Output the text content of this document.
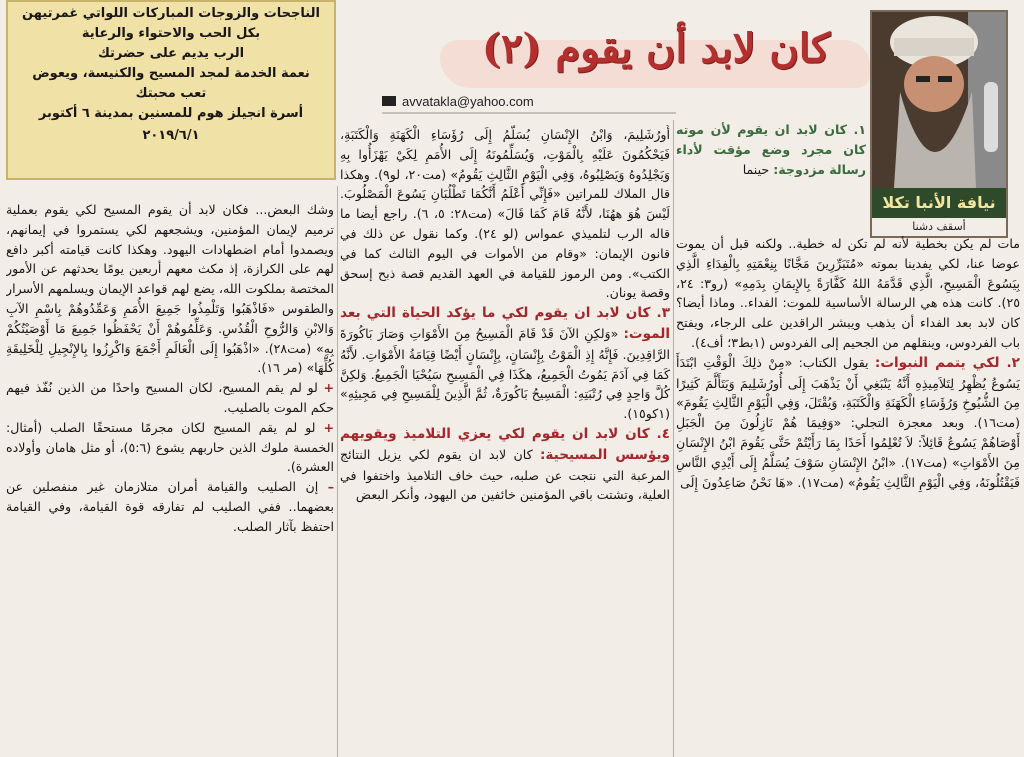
الناجحات والزوجات المباركات اللواتي غمرتيهن
بكل الحب والاحتواء والرعاية
الرب يديم على حضرتك
نعمة الخدمة لمجد المسيح والكنيسة، ويعوض
تعب محبتك
أسرة انجيلز هوم للمسنين بمدينة ٦ أكتوبر
٢٠١٩/٦/١
كان لابد أن يقوم (٢)
avvatakla@yahoo.com
نيافة الأنبا تكلا
أسقف دشنا
١. كان لابد ان يقوم لأن موته كان مجرد وضع مؤقت لأداء رسالة مزدوجة: حينما

مات لم يكن بخطية لأنه لم تكن له خطية.. ولكنه قبل أن يموت عوضا عنا، لكي يفدينا بموته «مُتَبَرِّرِينَ مَجَّانًا بِنِعْمَتِهِ بِالْفِدَاءِ الَّذِي بِيَسُوعَ الْمَسِيحِ، الَّذِي قَدَّمَهُ اللهُ كَفَّارَةً بِالإِيمَانِ بِدَمِهِ» (رو٣: ٢٤، ٢٥). كانت هذه هي الرسالة الأساسية للموت: الفداء.. وماذا أيضا؟ كان لابد بعد الفداء أن يذهب ويبشر الراقدين على الرجاء، ويفتح باب الفردوس، وينقلهم من الجحيم إلى الفردوس (١بط٣؛ أف٤).

٢. لكي يتمم النبوات: يقول الكتاب: «مِنْ ذلِكَ الْوَقْتِ ابْتَدَأَ يَسُوعُ يُظْهِرُ لِتَلاَمِيذِهِ أَنَّهُ يَنْبَغِي أَنْ يَذْهَبَ إِلَى أُورُشَلِيمَ وَيَتَأَلَّمَ كَثِيرًا مِنَ الشُّيُوخِ وَرُؤَسَاءِ الْكَهَنَةِ وَالْكَتَبَةِ، وَيُقْتَلَ، وَفِي الْيَوْمِ الثَّالِثِ يَقُومَ» (مت١٦). وبعد معجزة التجلي: «وَفِيمَا هُمْ نَازِلُونَ مِنَ الْجَبَلِ أَوْصَاهُمْ يَسُوعُ قَائِلاً: لاَ تُعْلِمُوا أَحَدًا بِمَا رَأَيْتُمْ حَتَّى يَقُومَ ابْنُ الإِنْسَانِ مِنَ الأَمْوَاتِ» (مت١٧). «ابْنُ الإِنْسَانِ سَوْفَ يُسَلَّمُ إِلَى أَيْدِي النَّاسِ فَيَقْتُلُونَهُ، وَفِي الْيَوْمِ الثَّالِثِ يَقُومُ» (مت١٧). «هَا نَحْنُ صَاعِدُونَ إِلَى

أُورُشَلِيمَ، وَابْنُ الإِنْسَانِ يُسَلَّمُ إِلَى رُؤَسَاءِ الْكَهَنَةِ وَالْكَتَبَةِ، فَيَحْكُمُونَ عَلَيْهِ بِالْمَوْتِ، وَيُسَلِّمُونَهُ إِلَى الأُمَمِ لِكَيْ يَهْزَأُوا بِهِ وَيَجْلِدُوهُ وَيَصْلِبُوهُ، وَفِي الْيَوْمِ الثَّالِثِ يَقُومُ» (مت٢٠، لو٩). وهكذا قال الملاك للمراتين «فَإِنِّي أَعْلَمُ أَنَّكُمَا تَطْلُبَانِ يَسُوعَ الْمَصْلُوبَ. لَيْسَ هُوَ ههُنَا، لأَنَّهُ قَامَ كَمَا قَالَ» (مت٢٨: ٥، ٦). راجع أيضا ما قاله الرب لتلميذي عمواس (لو ٢٤). وكما نقول عن ذلك في قانون الإيمان: «وقام من الأموات في اليوم الثالث كما في الكتب». ومن الرموز للقيامة في العهد القديم قصة ذبح إسحق وقصة يونان.

٣. كان لابد ان يقوم لكي ما يؤكد الحياة التي بعد الموت: «وَلكِنِ الآنَ قَدْ قَامَ الْمَسِيحُ مِنَ الأَمْوَاتِ وَصَارَ بَاكُورَةَ الرَّاقِدِينَ. فَإِنَّهُ إِذِ الْمَوْتُ بِإِنْسَانٍ، بِإِنْسَانٍ أَيْضًا قِيَامَةُ الأَمْوَاتِ. لأَنَّهُ كَمَا فِي آدَمَ يَمُوتُ الْجَمِيعُ، هكَذَا فِي الْمَسِيحِ سَيُحْيَا الْجَمِيعُ. وَلكِنَّ كُلَّ وَاحِدٍ فِي رُتْبَتِهِ: الْمَسِيحُ بَاكُورَةٌ، ثُمَّ الَّذِينَ لِلْمَسِيحِ فِي مَجِيئِهِ» (١كو١٥).

٤. كان لابد ان يقوم لكي يعزي التلاميذ ويقويهم ويؤسس المسيحية: كان لابد ان يقوم لكي يزيل النتائج المرعبة التي نتجت عن صلبه، حيث خاف التلاميذ واختفوا في العلية، وتشتت باقي المؤمنين خائفين من اليهود، وأنكر البعض

وشك البعض... فكان لابد أن يقوم المسيح لكي يقوم بعملية ترميم لإيمان المؤمنين، ويشجعهم لكي يستمروا في إيمانهم، ويصمدوا أمام اضطهادات اليهود. وهكذا كانت قيامته أكبر دافع لهم على الكرازة، إذ مكث معهم أربعين يومًا يحدثهم عن الأمور المختصة بملكوت الله، يضع لهم قواعد الإيمان ويسلمهم الأسرار والطقوس «فَاذْهَبُوا وَتَلْمِذُوا جَمِيعَ الأُمَمِ وَعَمِّدُوهُمْ بِاسْمِ الآبِ وَالابْنِ وَالرُّوحِ الْقُدُسِ. وَعَلِّمُوهُمْ أَنْ يَحْفَظُوا جَمِيعَ مَا أَوْصَيْتُكُمْ بِهِ» (مت٢٨). «اذْهَبُوا إِلَى الْعَالَمِ أَجْمَعَ وَاكْرِزُوا بِالإِنْجِيلِ لِلْخَلِيقَةِ كُلِّهَا» (مر ١٦).

+ لو لم يقم المسيح، لكان المسيح واحدًا من الذين نُفّذ فيهم حكم الموت بالصليب.

+ لو لم يقم المسيح لكان مجرمًا مستحقًا الصلب (أمثال: الخمسة ملوك الذين حاربهم يشوع (٥:٦)، أو مثل هامان وأولاده العشرة).

– إن الصليب والقيامة أمران متلازمان غير منفصلين عن بعضهما.. ففي الصليب لم تفارقه قوة القيامة، وفي القيامة احتفظ بآثار الصلب.
